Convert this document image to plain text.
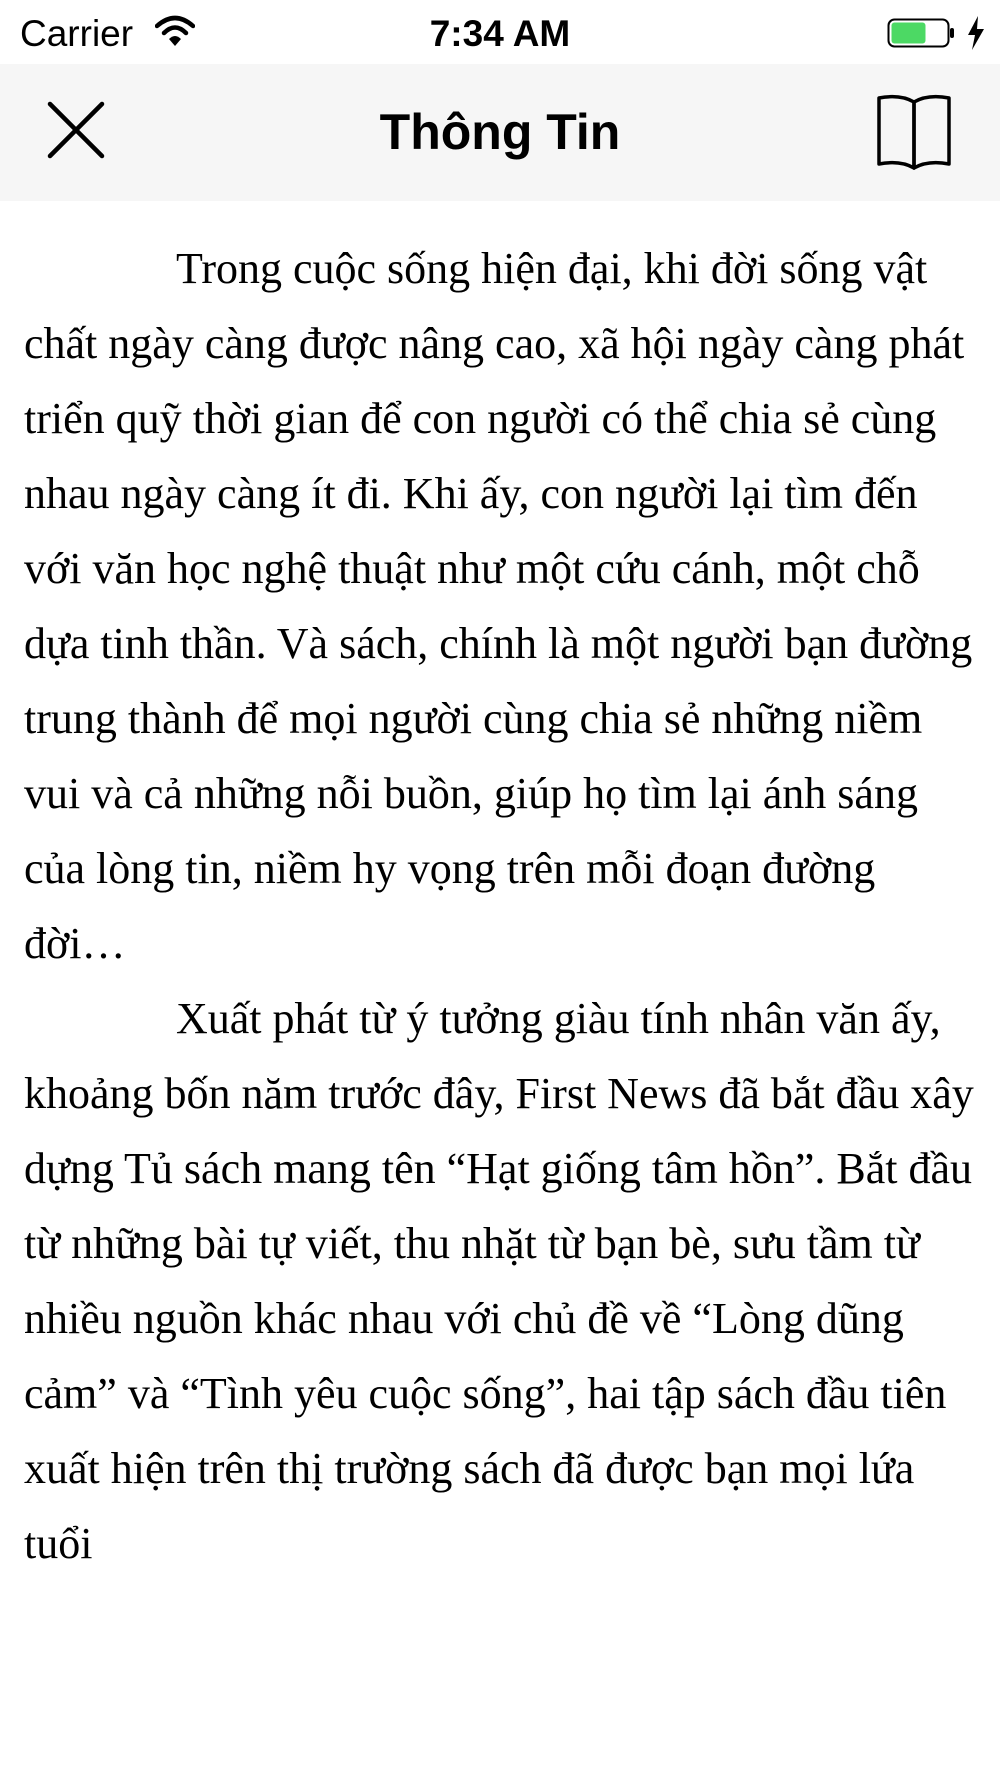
Carrier	7:34 AM
Thông Tin

Trong cuộc sống hiện đại, khi đời sống vật chất ngày càng được nâng cao, xã hội ngày càng phát triển quỹ thời gian để con người có thể chia sẻ cùng nhau ngày càng ít đi. Khi ấy, con người lại tìm đến với văn học nghệ thuật như một cứu cánh, một chỗ dựa tinh thần. Và sách, chính là một người bạn đường trung thành để mọi người cùng chia sẻ những niềm vui và cả những nỗi buồn, giúp họ tìm lại ánh sáng của lòng tin, niềm hy vọng trên mỗi đoạn đường đời…

Xuất phát từ ý tưởng giàu tính nhân văn ấy, khoảng bốn năm trước đây, First News đã bắt đầu xây dựng Tủ sách mang tên “Hạt giống tâm hồn”. Bắt đầu từ những bài tự viết, thu nhặt từ bạn bè, sưu tầm từ nhiều nguồn khác nhau với chủ đề về “Lòng dũng cảm” và “Tình yêu cuộc sống”, hai tập sách đầu tiên xuất hiện trên thị trường sách đã được bạn mọi lứa tuổi
